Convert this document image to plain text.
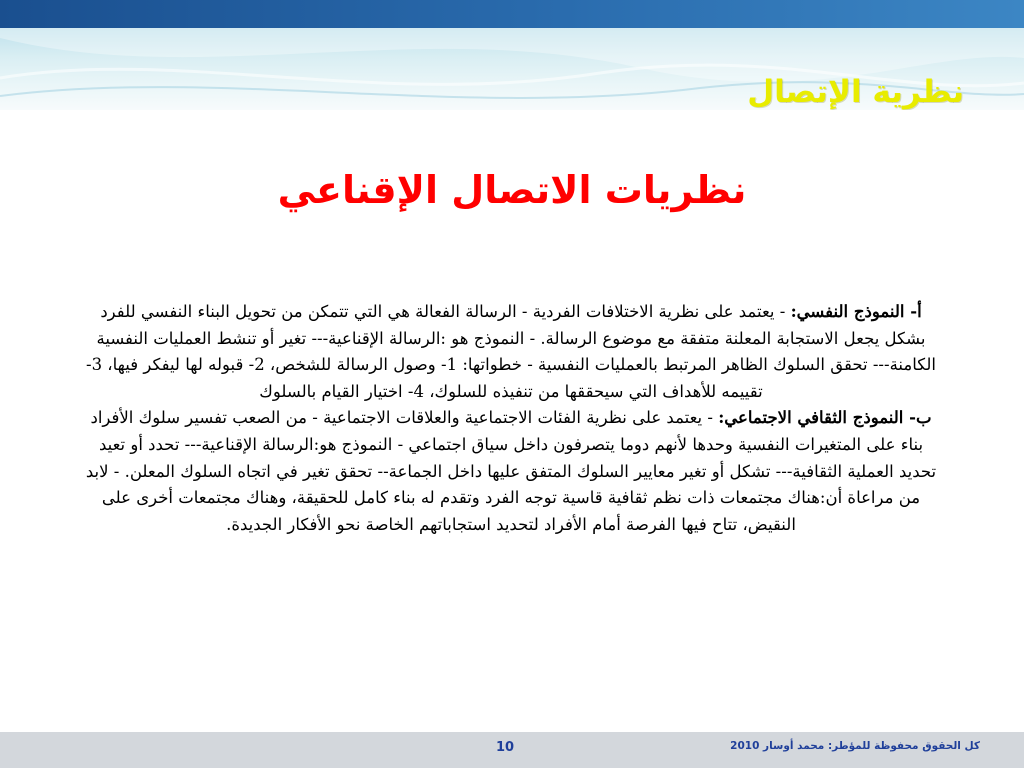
نظرية الإتصال
نظريات الاتصال الإقناعي

أ- النموذج النفسي: - يعتمد على نظرية الاختلافات الفردية - الرسالة الفعالة هي التي تتمكن من تحويل البناء النفسي للفرد بشكل يجعل الاستجابة المعلنة متفقة مع موضوع الرسالة. - النموذج هو :الرسالة الإقناعية--- تغير أو تنشط العمليات النفسية الكامنة--- تحقق السلوك الظاهر المرتبط بالعمليات النفسية - خطواتها: 1- وصول الرسالة للشخص، 2- قبوله لها ليفكر فيها، 3- تقييمه للأهداف التي سيحققها من تنفيذه للسلوك، 4- اختيار القيام بالسلوك

ب- النموذج الثقافي الاجتماعي: - يعتمد على نظرية الفئات الاجتماعية والعلاقات الاجتماعية - من الصعب تفسير سلوك الأفراد بناء على المتغيرات النفسية وحدها لأنهم دوما يتصرفون داخل سياق اجتماعي - النموذج هو:الرسالة الإقناعية--- تحدد أو تعيد تحديد العملية الثقافية--- تشكل أو تغير معايير السلوك المتفق عليها داخل الجماعة-- تحقق تغير في اتجاه السلوك المعلن. - لابد من مراعاة أن:هناك مجتمعات ذات نظم ثقافية قاسية توجه الفرد وتقدم له بناء كامل للحقيقة، وهناك مجتمعات أخرى على النقيض، تتاح فيها الفرصة أمام الأفراد لتحديد استجاباتهم الخاصة نحو الأفكار الجديدة.

10	كل الحقوق محفوظة للمؤطر: محمد أوسار 2010
